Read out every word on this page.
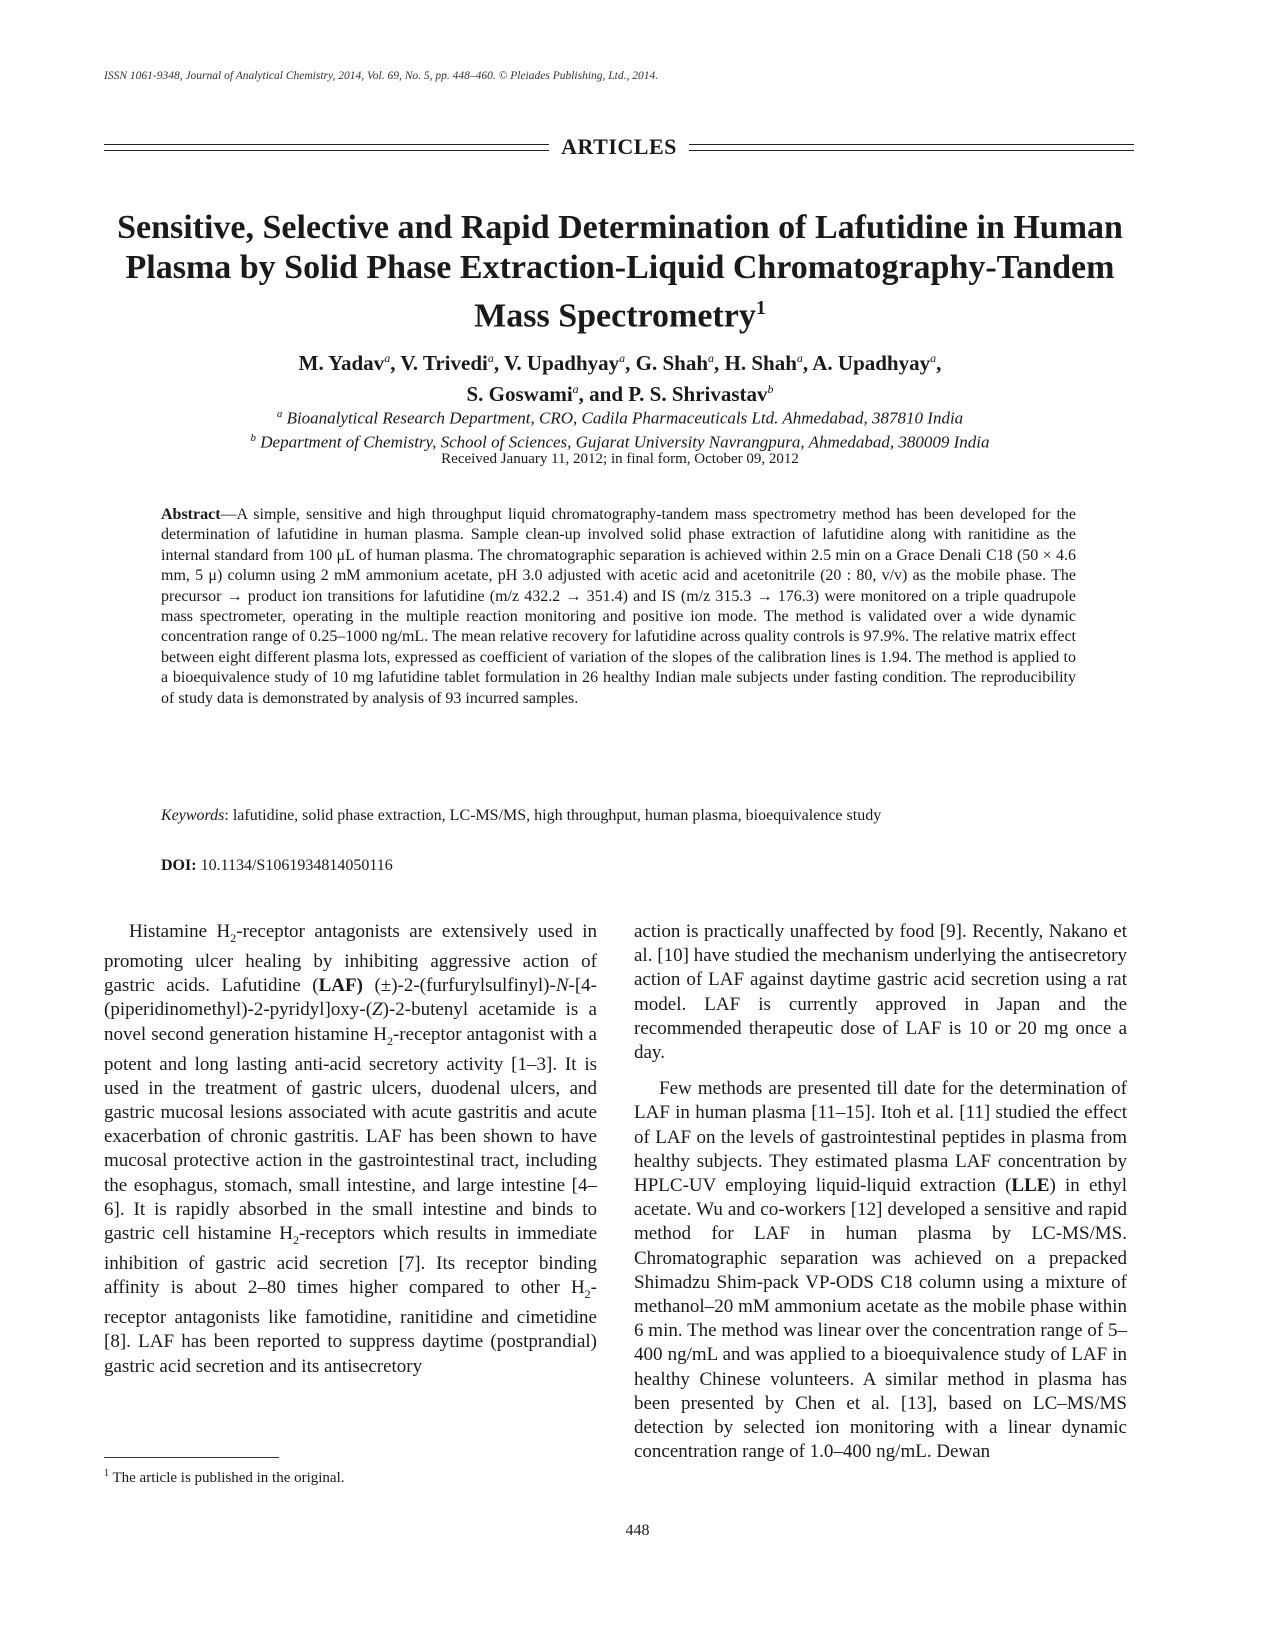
ISSN 1061-9348, Journal of Analytical Chemistry, 2014, Vol. 69, No. 5, pp. 448–460. © Pleiades Publishing, Ltd., 2014.
ARTICLES
Sensitive, Selective and Rapid Determination of Lafutidine in Human Plasma by Solid Phase Extraction-Liquid Chromatography-Tandem Mass Spectrometry$^1$

M. Yadav$^a$, V. Trivedi$^a$, V. Upadhyay$^a$, G. Shah$^a$, H. Shah$^a$, A. Upadhyay$^a$,
S. Goswami$^a$, and P. S. Shrivastav$^b$

$^a$ Bioanalytical Research Department, CRO, Cadila Pharmaceuticals Ltd. Ahmedabad, 387810 India

$^b$ Department of Chemistry, School of Sciences, Gujarat University Navrangpura, Ahmedabad, 380009 India

Received January 11, 2012; in final form, October 09, 2012

Abstract—A simple, sensitive and high throughput liquid chromatography-tandem mass spectrometry method has been developed for the determination of lafutidine in human plasma. Sample clean-up involved solid phase extraction of lafutidine along with ranitidine as the internal standard from 100 μL of human plasma. The chromatographic separation is achieved within 2.5 min on a Grace Denali C18 (50 × 4.6 mm, 5 μ) column using 2 mM ammonium acetate, pH 3.0 adjusted with acetic acid and acetonitrile (20 : 80, v/v) as the mobile phase. The precursor → product ion transitions for lafutidine (m/z 432.2 → 351.4) and IS (m/z 315.3 → 176.3) were monitored on a triple quadrupole mass spectrometer, operating in the multiple reaction monitoring and positive ion mode. The method is validated over a wide dynamic concentration range of 0.25–1000 ng/mL. The mean relative recovery for lafutidine across quality controls is 97.9%. The relative matrix effect between eight different plasma lots, expressed as coefficient of variation of the slopes of the calibration lines is 1.94. The method is applied to a bioequivalence study of 10 mg lafutidine tablet formulation in 26 healthy Indian male subjects under fasting condition. The reproducibility of study data is demonstrated by analysis of 93 incurred samples.

Keywords: lafutidine, solid phase extraction, LC-MS/MS, high throughput, human plasma, bioequivalence study

DOI: 10.1134/S1061934814050116

Histamine $H_2$-receptor antagonists are extensively used in promoting ulcer healing by inhibiting aggressive action of gastric acids. Lafutidine (LAF) (±)-2-(furfurylsulfinyl)-N-[4-(piperidinomethyl)-2-pyridyl]oxy-(Z)-2-butenyl acetamide is a novel second generation histamine $H_2$-receptor antagonist with a potent and long lasting anti-acid secretory activity [1–3]. It is used in the treatment of gastric ulcers, duodenal ulcers, and gastric mucosal lesions associated with acute gastritis and acute exacerbation of chronic gastritis. LAF has been shown to have mucosal protective action in the gastrointestinal tract, including the esophagus, stomach, small intestine, and large intestine [4–6]. It is rapidly absorbed in the small intestine and binds to gastric cell histamine $H_2$-receptors which results in immediate inhibition of gastric acid secretion [7]. Its receptor binding affinity is about 2–80 times higher compared to other $H_2$-receptor antagonists like famotidine, ranitidine and cimetidine [8]. LAF has been reported to suppress daytime (postprandial) gastric acid secretion and its antisecretory

action is practically unaffected by food [9]. Recently, Nakano et al. [10] have studied the mechanism underlying the antisecretory action of LAF against daytime gastric acid secretion using a rat model. LAF is currently approved in Japan and the recommended therapeutic dose of LAF is 10 or 20 mg once a day.

Few methods are presented till date for the determination of LAF in human plasma [11–15]. Itoh et al. [11] studied the effect of LAF on the levels of gastrointestinal peptides in plasma from healthy subjects. They estimated plasma LAF concentration by HPLC-UV employing liquid-liquid extraction (LLE) in ethyl acetate. Wu and co-workers [12] developed a sensitive and rapid method for LAF in human plasma by LC-MS/MS. Chromatographic separation was achieved on a prepacked Shimadzu Shim-pack VP-ODS C18 column using a mixture of methanol–20 mM ammonium acetate as the mobile phase within 6 min. The method was linear over the concentration range of 5–400 ng/mL and was applied to a bioequivalence study of LAF in healthy Chinese volunteers. A similar method in plasma has been presented by Chen et al. [13], based on LC–MS/MS detection by selected ion monitoring with a linear dynamic concentration range of 1.0–400 ng/mL. Dewan

$^1$ The article is published in the original.

448
